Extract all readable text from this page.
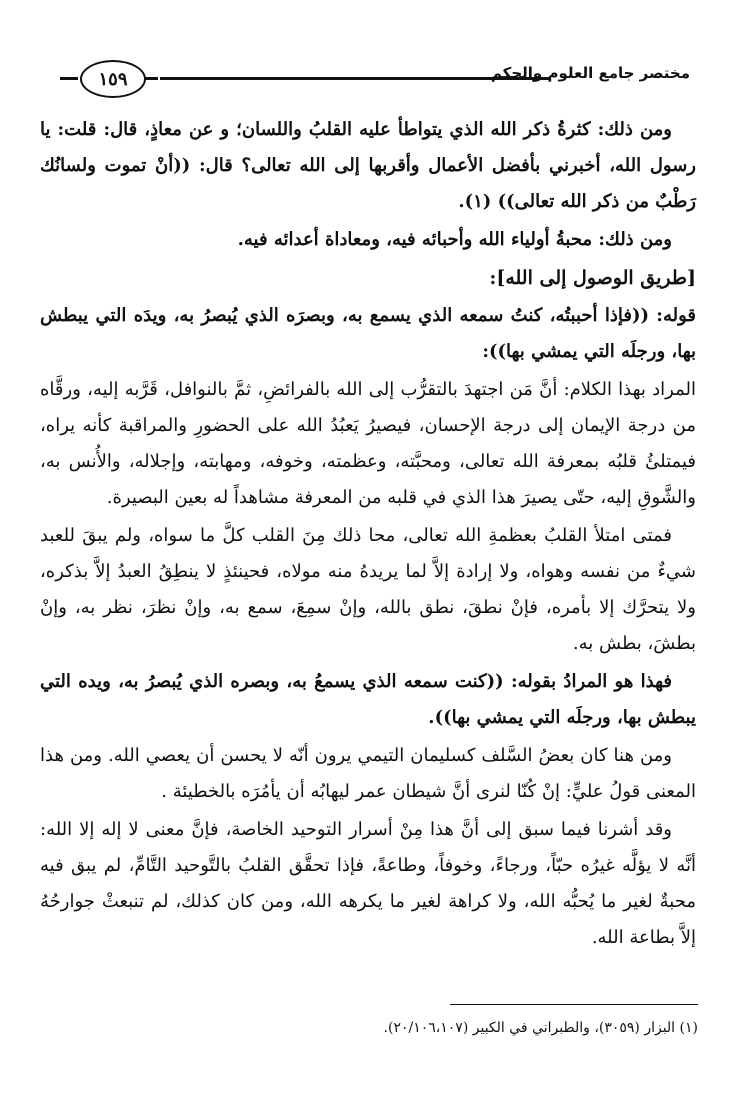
مختصر جامع العلوم والحكم
١٥٩

ومن ذلك: كثرةُ ذكر الله الذي يتواطأ عليه القلبُ واللسان؛ و عن معاذٍ، قال: قلت: يا رسول الله، أخبرني بأفضل الأعمال وأقربها إلى الله تعالى؟ قال: ((أنْ تموت ولسانُك رَطْبٌ من ذكر الله تعالى)) (١).

ومن ذلك: محبةُ أولياء الله وأحبائه فيه، ومعاداة أعدائه فيه.

[طريق الوصول إلى الله]:

قوله: ((فإذا أحببتُه، كنتُ سمعه الذي يسمع به، وبصرَه الذي يُبصرُ به، ويدَه التي يبطش بها، ورجلَه التي يمشي بها)):

المراد بهذا الكلام: أنَّ مَن اجتهدَ بالتقرُّب إلى الله بالفرائضِ، ثمَّ بالنوافل، قَرَّبه إليه، ورقَّاه من درجة الإيمان إلى درجة الإحسان، فيصيرُ يَعبُدُ الله على الحضورِ والمراقبة كأنه يراه، فيمتلئُ قلبُه بمعرفة الله تعالى، ومحبَّته، وعظمته، وخوفه، ومهابته، وإجلاله، والأُنس به، والشَّوقِ إليه، حتّى يصيرَ هذا الذي في قلبه من المعرفة مشاهداً له بعين البصيرة.

فمتى امتلأ القلبُ بعظمةِ الله تعالى، محا ذلك مِنَ القلب كلَّ ما سواه، ولم يبقَ للعبد شيءٌ من نفسه وهواه، ولا إرادة إلاَّ لما يريدهُ منه مولاه، فحينئذٍ لا ينطِقُ العبدُ إلاَّ بذكره، ولا يتحرَّك إلا بأمره، فإنْ نطقَ، نطق بالله، وإنْ سمِعَ، سمع به، وإنْ نظرَ، نظر به، وإنْ بطشَ، بطش به.

فهذا هو المرادُ بقوله: ((كنت سمعه الذي يسمعُ به، وبصره الذي يُبصرُ به، ويده التي يبطش بها، ورجلَه التي يمشي بها)).

ومن هنا كان بعضُ السَّلف كسليمان التيمي يرون أنّه لا يحسن أن يعصي الله. ومن هذا المعنى قولُ عليٍّ: إنْ كُنّا لنرى أنَّ شيطان عمر ليهابُه أن يأمُرَه بالخطيئة .

وقد أشرنا فيما سبق إلى أنَّ هذا مِنْ أسرار التوحيد الخاصة، فإنَّ معنى لا إله إلا الله: أنَّه لا يؤلَّه غيرُه حبّاً، ورجاءً، وخوفاً، وطاعةً، فإذا تحقَّق القلبُ بالتَّوحيد التَّامِّ، لم يبق فيه محبةٌ لغير ما يُحبُّه الله، ولا كراهة لغير ما يكرهه الله، ومن كان كذلك، لم تنبعثْ جوارحُهُ إلاَّ بطاعة الله.

(١) البزار (٣٠٥٩)، والطبراني في الكبير (٢٠/١٠٦،١٠٧).
